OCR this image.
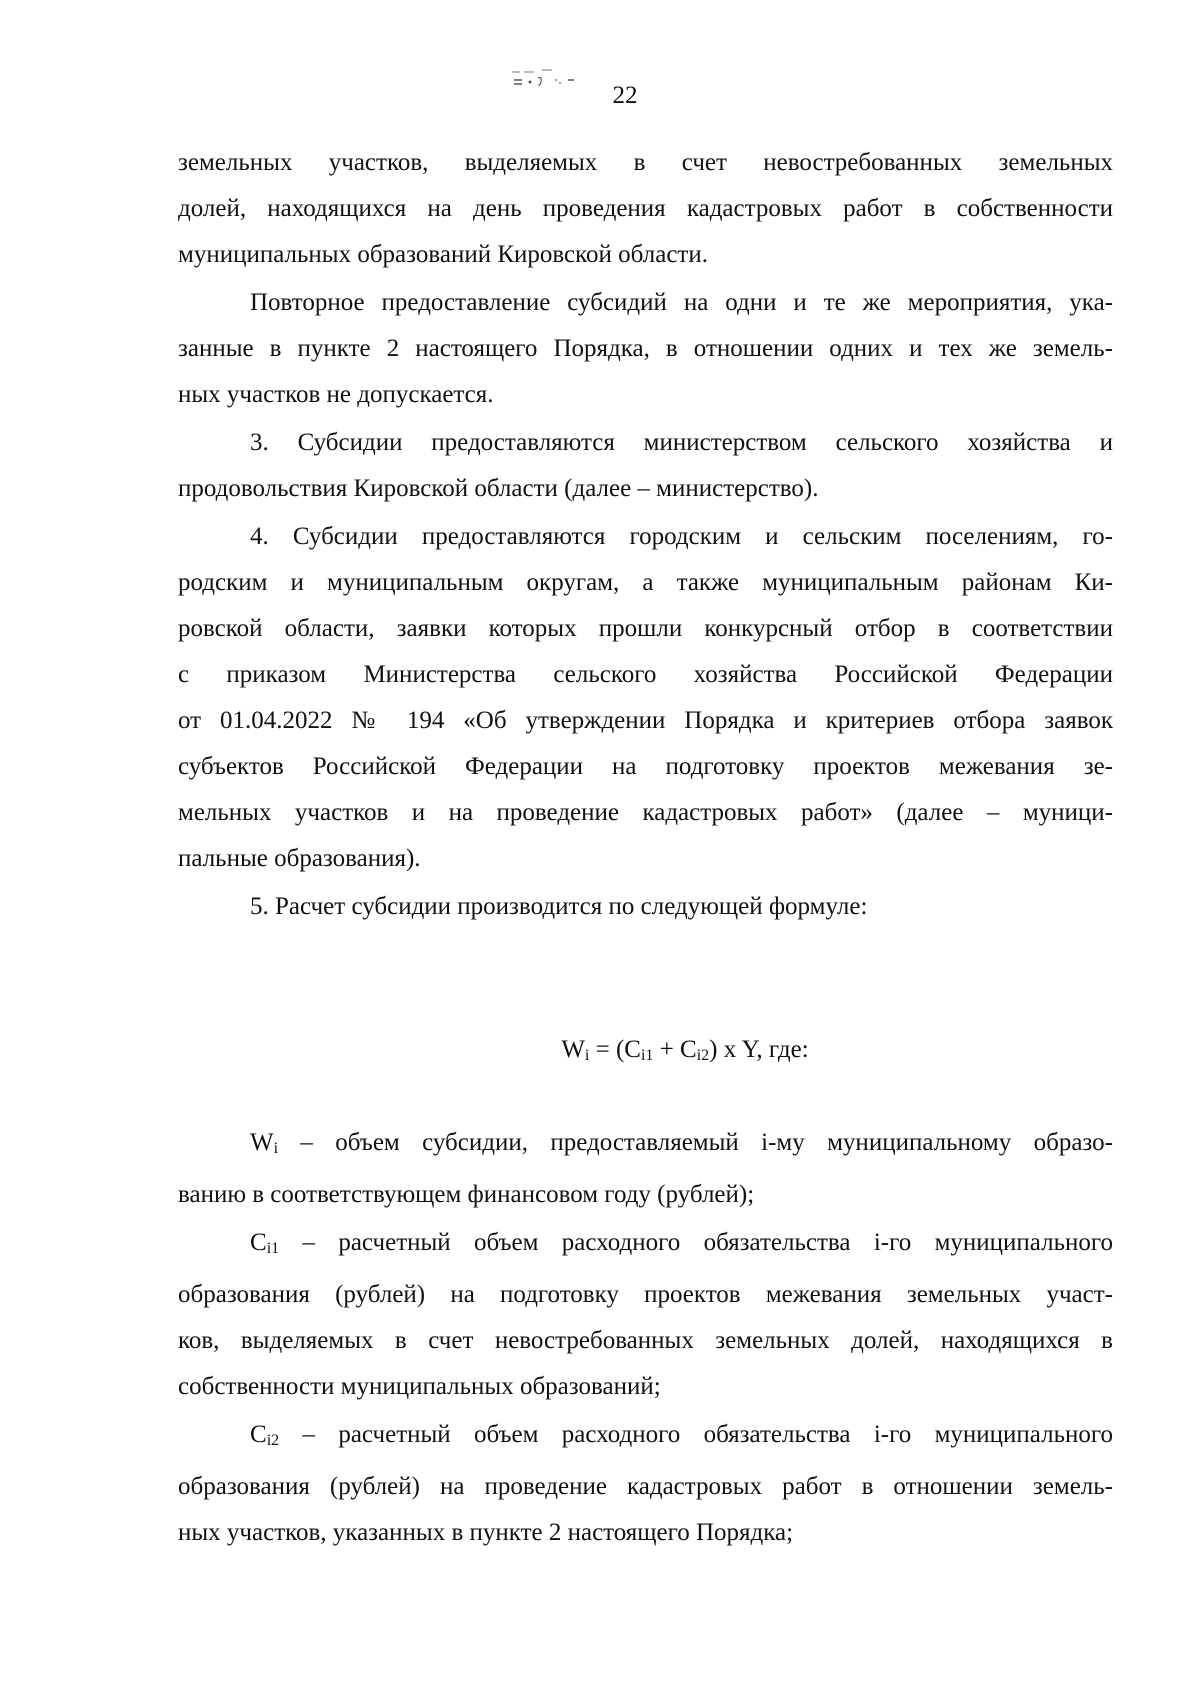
22

земельных участков, выделяемых в счет невостребованных земельных
долей, находящихся на день проведения кадастровых работ в собственности
муниципальных образований Кировской области.

Повторное предоставление субсидий на одни и те же мероприятия, ука-
занные в пункте 2 настоящего Порядка, в отношении одних и тех же земель-
ных участков не допускается.

3. Субсидии предоставляются министерством сельского хозяйства и
продовольствия Кировской области (далее – министерство).

4. Субсидии предоставляются городским и сельским поселениям, го-
родским и муниципальным округам, а также муниципальным районам Ки-
ровской области, заявки которых прошли конкурсный отбор в соответствии
с приказом Министерства сельского хозяйства Российской Федерации
от 01.04.2022 № 194 «Об утверждении Порядка и критериев отбора заявок
субъектов Российской Федерации на подготовку проектов межевания зе-
мельных участков и на проведение кадастровых работ» (далее – муници-
пальные образования).

5. Расчет субсидии производится по следующей формуле:

$W_i = (C_{i1} + C_{i2})$ x Y, где:

$W_i$ – объем субсидии, предоставляемый i-му муниципальному образо-
ванию в соответствующем финансовом году (рублей);

$C_{i1}$ – расчетный объем расходного обязательства i-го муниципального
образования (рублей) на подготовку проектов межевания земельных участ-
ков, выделяемых в счет невостребованных земельных долей, находящихся в
собственности муниципальных образований;

$C_{i2}$ – расчетный объем расходного обязательства i-го муниципального
образования (рублей) на проведение кадастровых работ в отношении земель-
ных участков, указанных в пункте 2 настоящего Порядка;
